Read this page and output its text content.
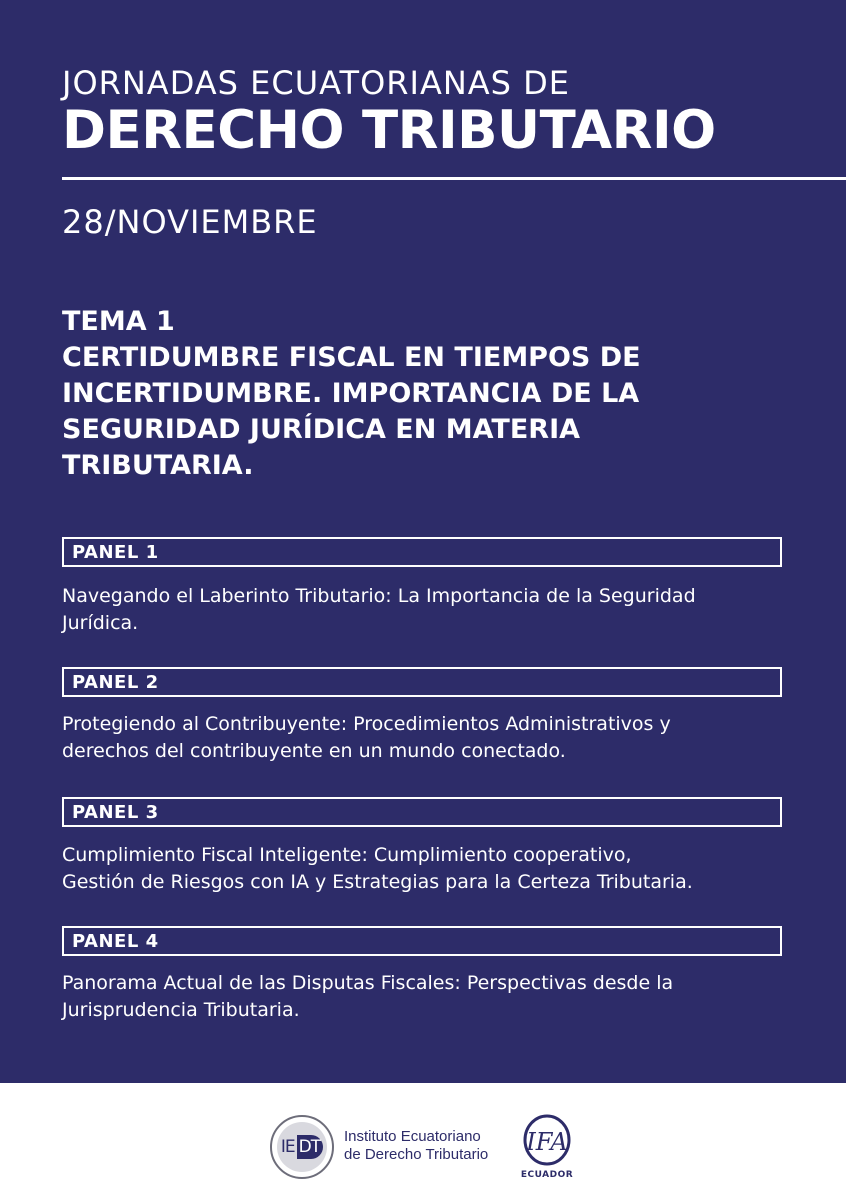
JORNADAS ECUATORIANAS DE
DERECHO TRIBUTARIO
28/NOVIEMBRE
TEMA 1
CERTIDUMBRE FISCAL EN TIEMPOS DE
INCERTIDUMBRE. IMPORTANCIA DE LA
SEGURIDAD JURÍDICA EN MATERIA
TRIBUTARIA.
PANEL 1
Navegando el Laberinto Tributario: La Importancia de la Seguridad
Jurídica.
PANEL 2
Protegiendo al Contribuyente: Procedimientos Administrativos y
derechos del contribuyente en un mundo conectado.
PANEL 3
Cumplimiento Fiscal Inteligente: Cumplimiento cooperativo,
Gestión de Riesgos con IA y Estrategias para la Certeza Tributaria.
PANEL 4
Panorama Actual de las Disputas Fiscales: Perspectivas desde la
Jurisprudencia Tributaria.
IE DT
Instituto Ecuatoriano
de Derecho Tributario IFA
ECUADOR
